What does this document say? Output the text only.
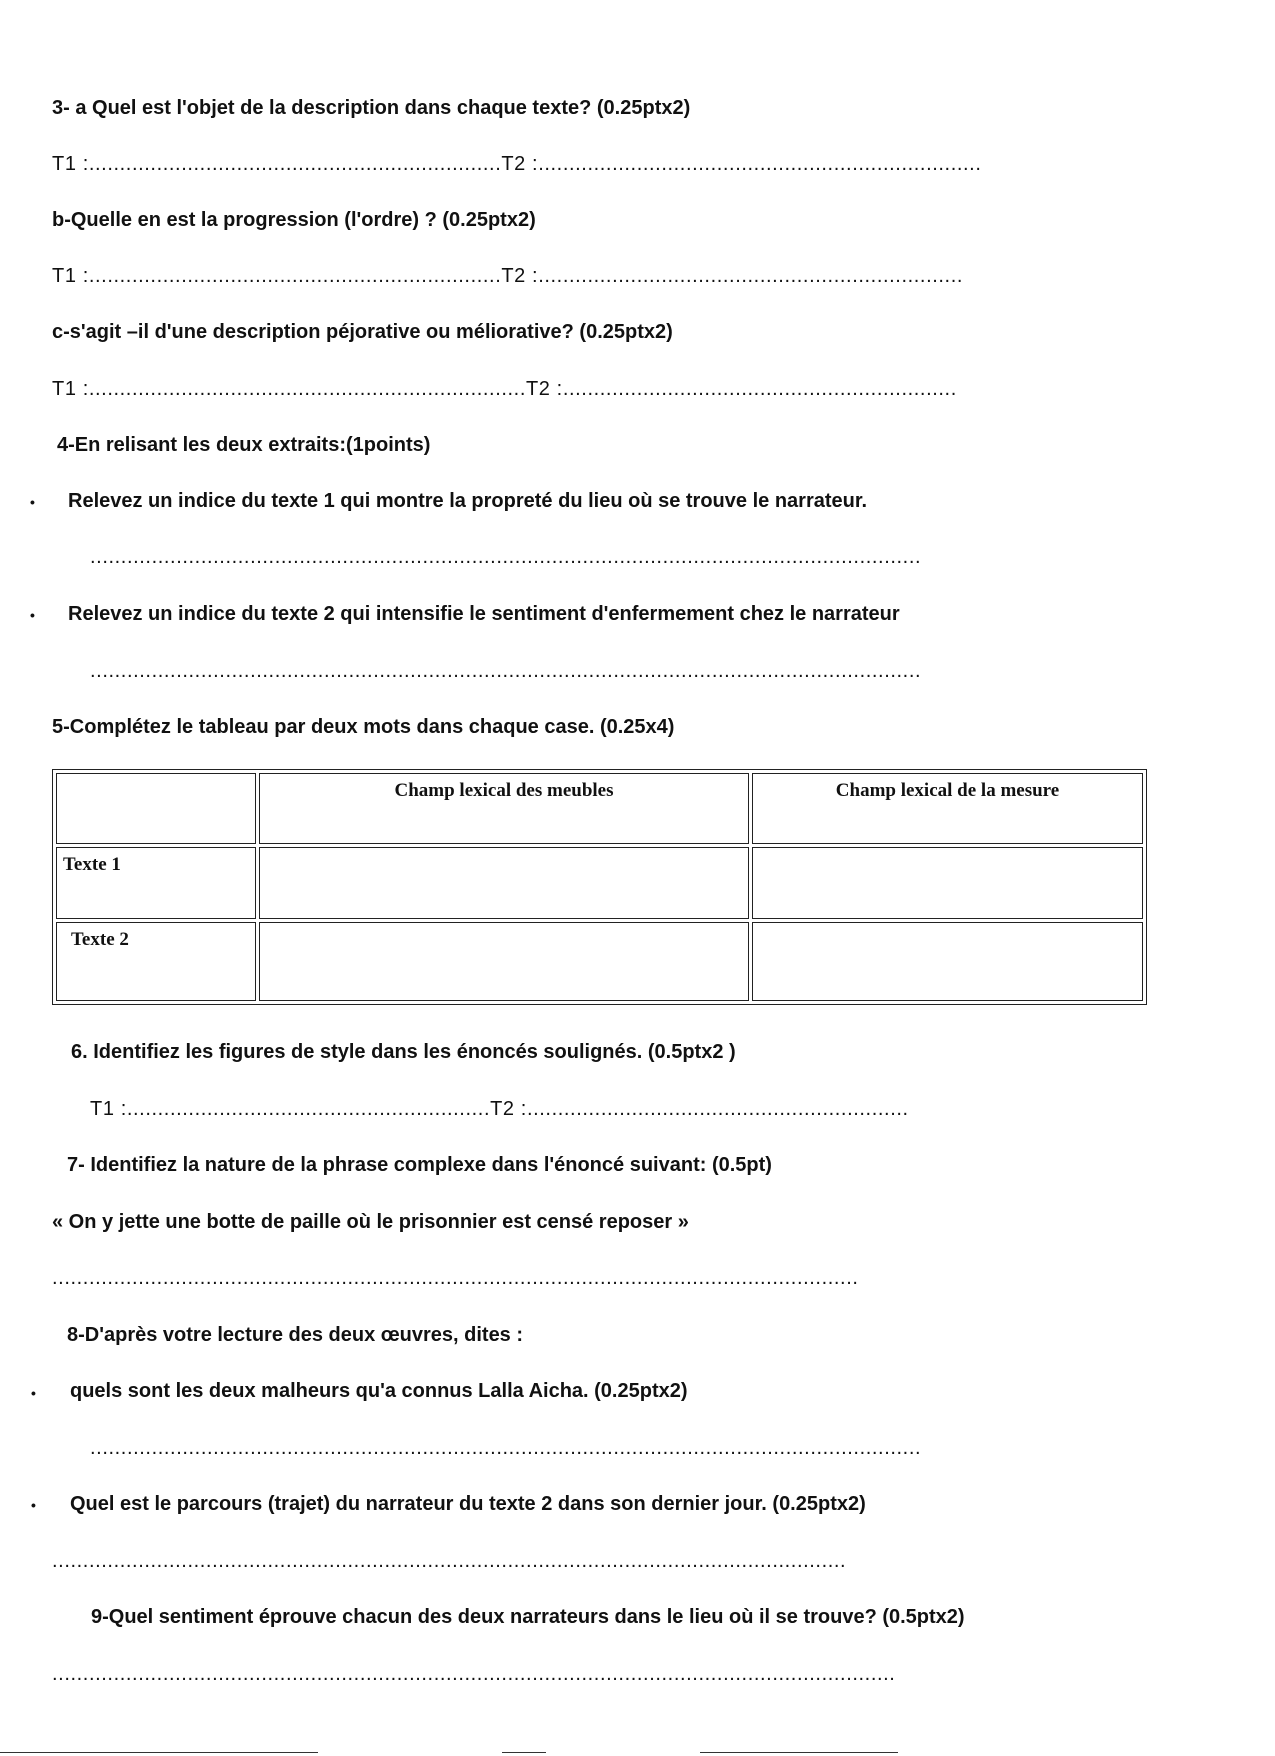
3- a Quel est l'objet de la description dans chaque texte? (0.25ptx2)
T1 :...................................................................T2 :........................................................................
b-Quelle en est la progression (l'ordre) ? (0.25ptx2)
T1 :...................................................................T2 :.....................................................................
c-s'agit –il d'une description péjorative ou méliorative? (0.25ptx2)
T1 :.......................................................................T2 :................................................................
4-En relisant les deux extraits:(1points)
• Relevez un indice du texte 1 qui montre la propreté du lieu où se trouve le narrateur.
.......................................................................................................................................
• Relevez un indice du texte 2 qui intensifie le sentiment d'enfermement chez le narrateur
.......................................................................................................................................
5-Complétez le tableau par deux mots dans chaque case. (0.25x4)
	Champ lexical des meubles	Champ lexical de la mesure
Texte 1		
Texte 2		
6. Identifiez les figures de style dans les énoncés soulignés. (0.5ptx2 )
T1 :...........................................................T2 :..............................................................
7- Identifiez la nature de la phrase complexe dans l'énoncé suivant: (0.5pt)
« On y jette une botte de paille où le prisonnier est censé reposer »
...................................................................................................................................
8-D'après votre lecture des deux œuvres, dites :
• quels sont les deux malheurs qu'a connus Lalla Aicha. (0.25ptx2)
.......................................................................................................................................
• Quel est le parcours (trajet) du narrateur du texte 2 dans son dernier jour. (0.25ptx2)
.................................................................................................................................
9-Quel sentiment éprouve chacun des deux narrateurs dans le lieu où il se trouve? (0.5ptx2)
.........................................................................................................................................
